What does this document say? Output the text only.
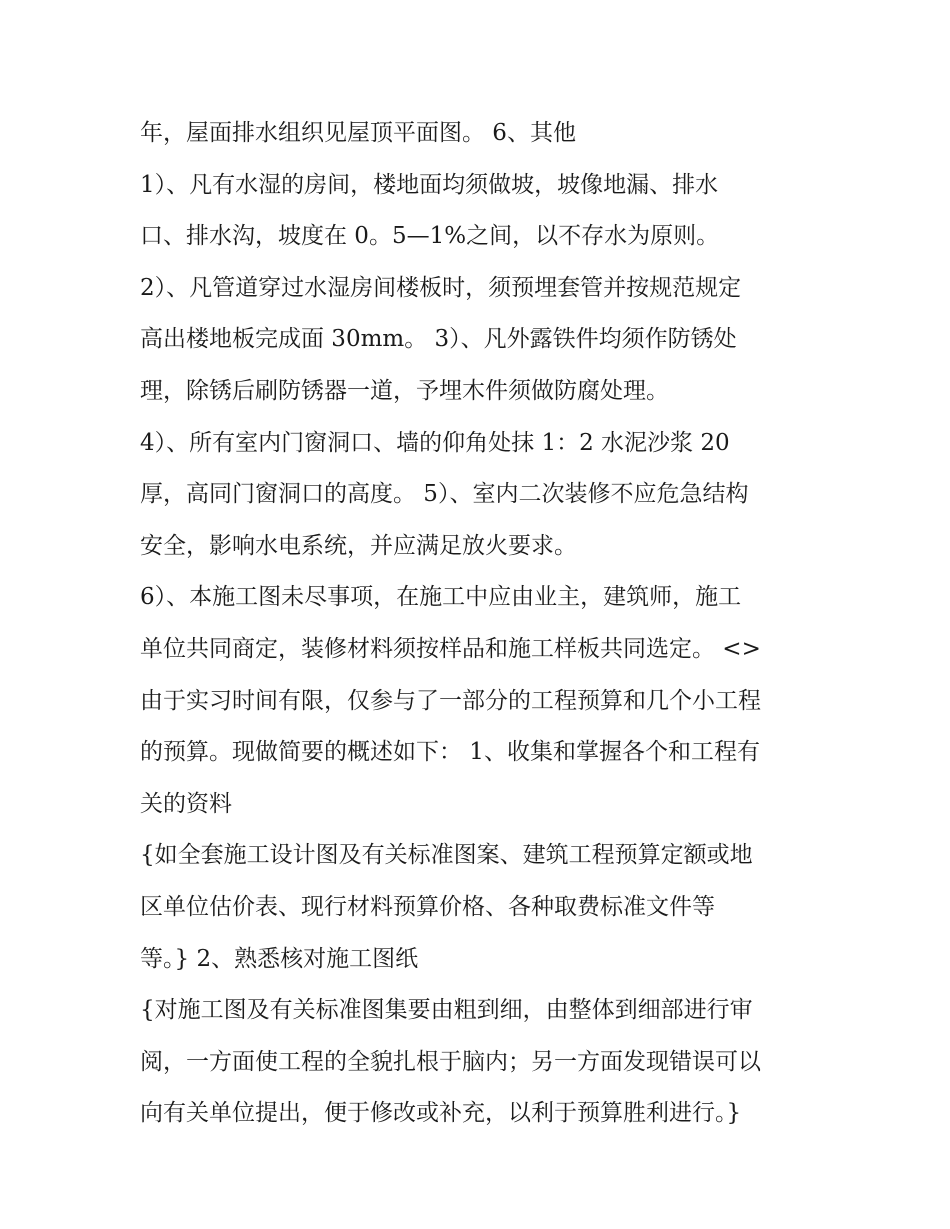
年，屋面排水组织见屋顶平面图。 6、其他
1）、凡有水湿的房间，楼地面均须做坡，坡像地漏、排水
口、排水沟，坡度在 0。5—1%之间，以不存水为原则。
2）、凡管道穿过水湿房间楼板时，须预埋套管并按规范规定
高出楼地板完成面 30mm。 3）、凡外露铁件均须作防锈处
理，除锈后刷防锈器一道，予埋木件须做防腐处理。
4）、所有室内门窗洞口、墙的仰角处抹 1：2 水泥沙浆 20
厚，高同门窗洞口的高度。 5）、室内二次装修不应危急结构
安全，影响水电系统，并应满足放火要求。
6）、本施工图未尽事项，在施工中应由业主，建筑师，施工
单位共同商定，装修材料须按样品和施工样板共同选定。 <>
由于实习时间有限，仅参与了一部分的工程预算和几个小工程
的预算。现做简要的概述如下： 1、收集和掌握各个和工程有
关的资料
{如全套施工设计图及有关标准图案、建筑工程预算定额或地
区单位估价表、现行材料预算价格、各种取费标准文件等
等。} 2、熟悉核对施工图纸
{对施工图及有关标准图集要由粗到细，由整体到细部进行审
阅，一方面使工程的全貌扎根于脑内；另一方面发现错误可以
向有关单位提出，便于修改或补充，以利于预算胜利进行。}
